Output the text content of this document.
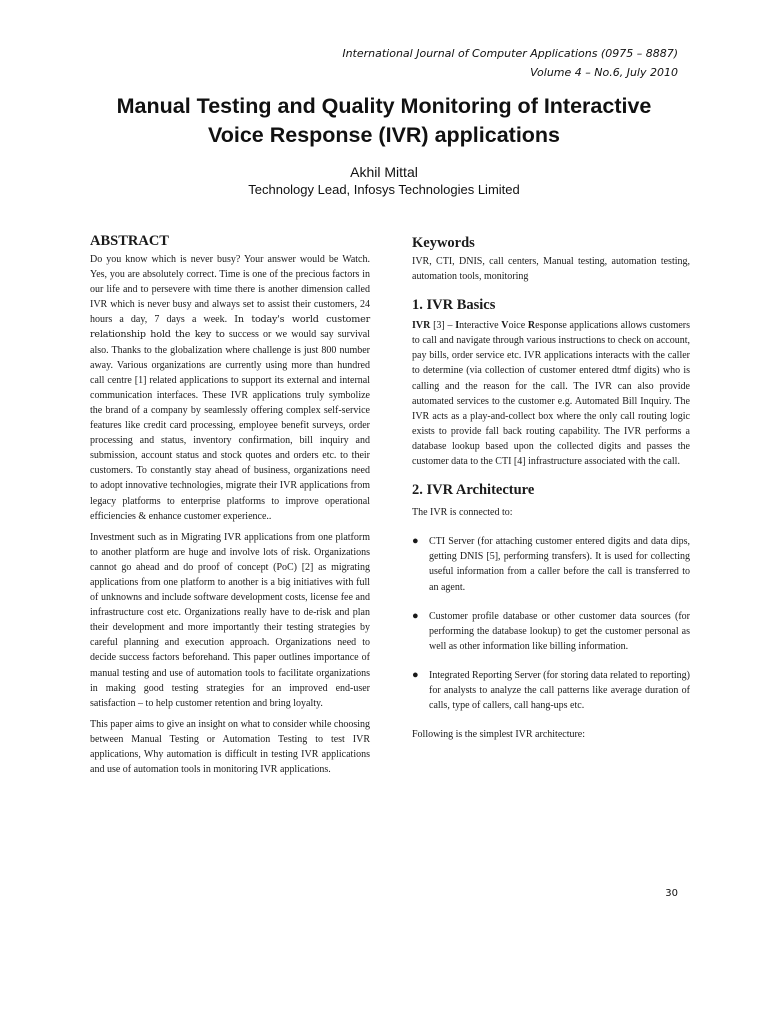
International Journal of Computer Applications (0975 – 8887)
Volume 4 – No.6, July 2010
Manual Testing and Quality Monitoring of Interactive
Voice Response (IVR) applications
Akhil Mittal
Technology Lead, Infosys Technologies Limited
ABSTRACT

Do you know which is never busy? Your answer would be Watch. Yes, you are absolutely correct. Time is one of the precious factors in our life and to persevere with time there is another dimension called IVR which is never busy and always set to assist their customers, 24 hours a day, 7 days a week. In today's world customer relationship hold the key to success or we would say survival also. Thanks to the globalization where challenge is just 800 number away. Various organizations are currently using more than hundred call centre [1] related applications to support its external and internal communication interfaces. These IVR applications truly symbolize the brand of a company by seamlessly offering complex self-service features like credit card processing, employee benefit surveys, order processing and status, inventory confirmation, bill inquiry and submission, account status and stock quotes and orders etc. to their customers. To constantly stay ahead of business, organizations need to adopt innovative technologies, migrate their IVR applications from legacy platforms to enterprise platforms to improve operational efficiencies & enhance customer experience..

Investment such as in Migrating IVR applications from one platform to another platform are huge and involve lots of risk. Organizations cannot go ahead and do proof of concept (PoC) [2] as migrating applications from one platform to another is a big initiatives with full of unknowns and include software development costs, license fee and infrastructure cost etc. Organizations really have to de-risk and plan their development and more importantly their testing strategies by careful planning and execution approach. Organizations need to decide success factors beforehand. This paper outlines importance of manual testing and use of automation tools to facilitate organizations in making good testing strategies for an improved end-user satisfaction – to help customer retention and bring loyalty.

This paper aims to give an insight on what to consider while choosing between Manual Testing or Automation Testing to test IVR applications, Why automation is difficult in testing IVR applications and use of automation tools in monitoring IVR applications.

Keywords

IVR, CTI, DNIS, call centers, Manual testing, automation testing, automation tools, monitoring

1. IVR Basics

IVR [3] – Interactive Voice Response applications allows customers to call and navigate through various instructions to check on account, pay bills, order service etc. IVR applications interacts with the caller to determine (via collection of customer entered dtmf digits) who is calling and the reason for the call. The IVR can also provide automated services to the customer e.g. Automated Bill Inquiry. The IVR acts as a play-and-collect box where the only call routing logic exists to provide fall back routing capability. The IVR performs a database lookup based upon the collected digits and passes the customer data to the CTI [4] infrastructure associated with the call.

2. IVR Architecture

The IVR is connected to:

● CTI Server (for attaching customer entered digits and data dips, getting DNIS [5], performing transfers). It is used for collecting useful information from a caller before the call is transferred to an agent.
● Customer profile database or other customer data sources (for performing the database lookup) to get the customer personal as well as other information like billing information.
● Integrated Reporting Server (for storing data related to reporting) for analysts to analyze the call patterns like average duration of calls, type of callers, call hang-ups etc.

Following is the simplest IVR architecture:

30
